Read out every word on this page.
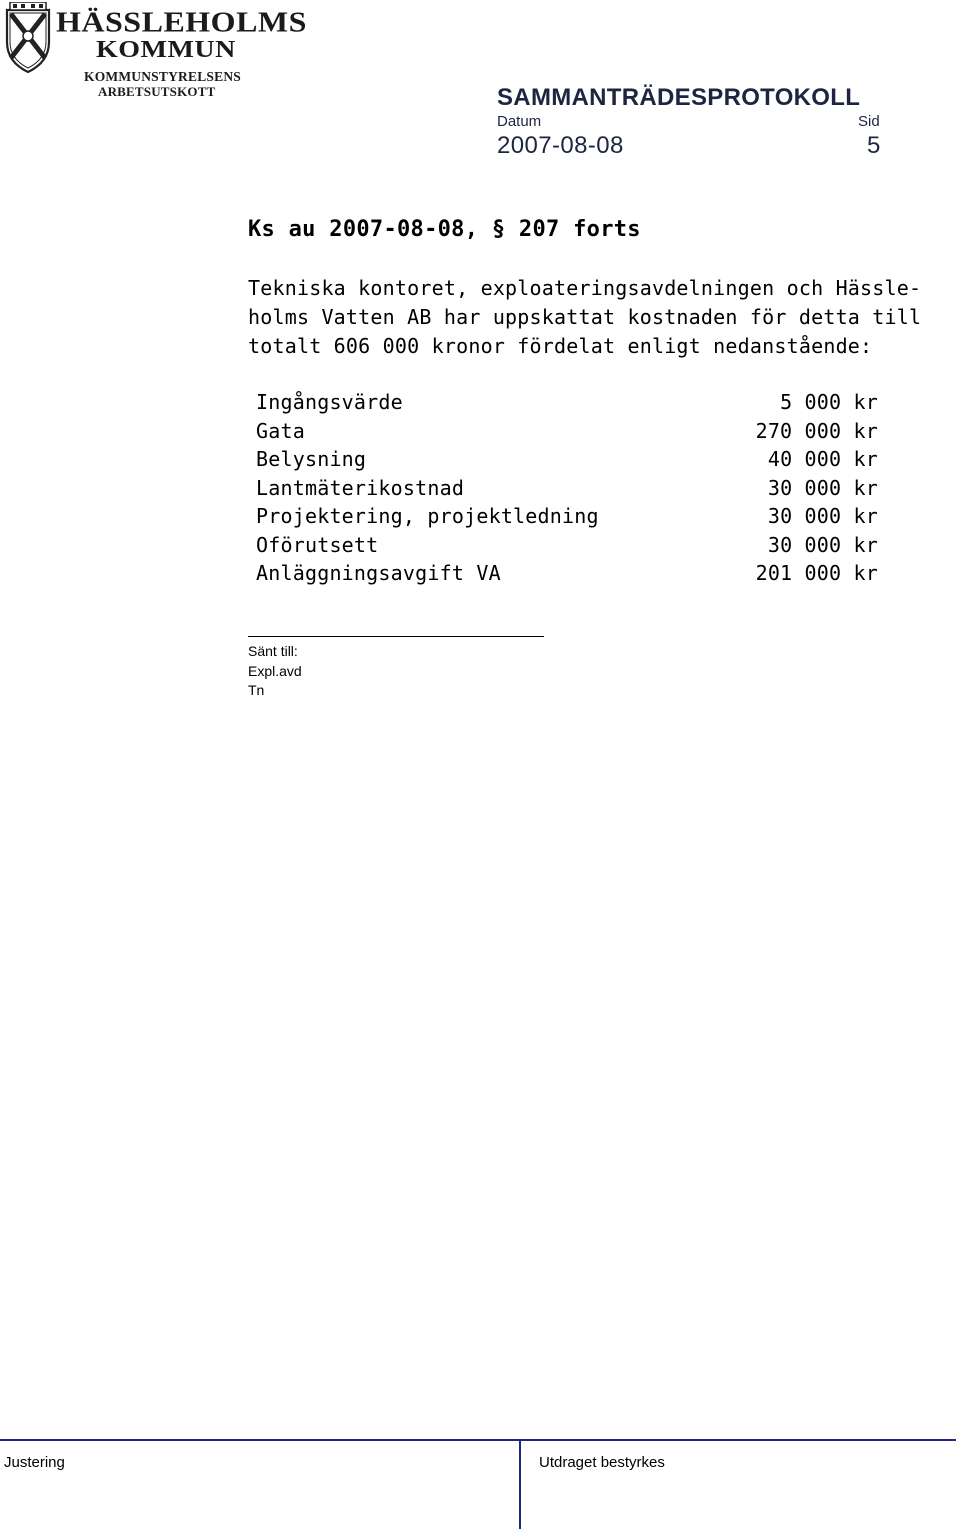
HÄSSLEHOLMS
KOMMUN
KOMMUNSTYRELSENS
ARBETSUTSKOTT	SAMMANTRÄDESPROTOKOLL
Datum	Sid
2007-08-08	5
Ks au 2007-08-08, § 207 forts
Tekniska kontoret, exploateringsavdelningen och Hässle-
holms Vatten AB har uppskattat kostnaden för detta till
totalt 606 000 kronor fördelat enligt nedanstående:
Ingångsvärde	5 000 kr
Gata	270 000 kr
Belysning	40 000 kr
Lantmäterikostnad	30 000 kr
Projektering, projektledning	30 000 kr
Oförutsett	30 000 kr
Anläggningsavgift VA	201 000 kr
Sänt till:
Expl.avd
Tn
Justering	Utdraget bestyrkes
